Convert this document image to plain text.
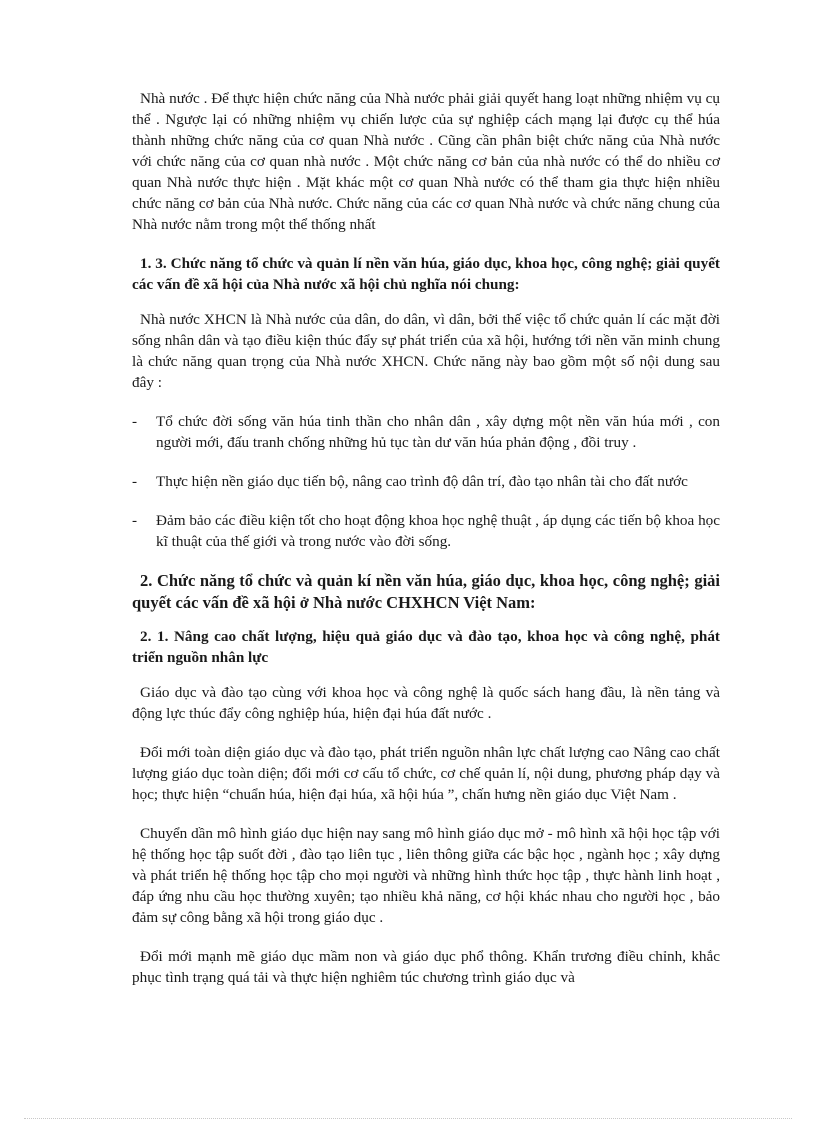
Nhà nước . Để thực hiện chức năng của Nhà nước phải giải quyết hang loạt những nhiệm vụ cụ thể . Ngược lại có những nhiệm vụ chiến lược của sự nghiệp cách mạng lại được cụ thể húa thành những chức năng của cơ quan Nhà nước . Cũng cần phân biệt chức năng của Nhà nước với chức năng của cơ quan nhà nước . Một chức năng cơ bản của nhà nước có thể do nhiều cơ quan Nhà nước thực hiện . Mặt khác một cơ quan Nhà nước có thể tham gia thực hiện nhiều chức năng cơ bản của Nhà nước. Chức năng của các cơ quan Nhà nước và chức năng chung của Nhà nước nằm trong một thể thống nhất

1. 3. Chức năng tổ chức và quản lí nền văn húa, giáo dục, khoa học, công nghệ; giải quyết các vấn đề xã hội của Nhà nước xã hội chủ nghĩa nói chung:

Nhà nước XHCN là Nhà nước của dân, do dân, vì dân, bởi thế việc tổ chức quản lí các mặt đời sống nhân dân và tạo điều kiện thúc đẩy sự phát triển của xã hội, hướng tới nền văn minh chung là chức năng quan trọng của Nhà nước XHCN. Chức năng này bao gồm một số nội dung sau đây :

- Tổ chức đời sống văn húa tinh thần cho nhân dân , xây dựng một nền văn húa mới , con người mới, đấu tranh chống những hủ tục tàn dư văn húa phản động , đồi truy .
- Thực hiện nền giáo dục tiến bộ, nâng cao trình độ dân trí, đào tạo nhân tài cho đất nước
- Đảm bảo các điều kiện tốt cho hoạt động khoa học nghệ thuật , áp dụng các tiến bộ khoa học kĩ thuật của thế giới và trong nước vào đời sống.
2. Chức năng tổ chức và quản kí nền văn húa, giáo dục, khoa học, công nghệ; giải quyết các vấn đề xã hội ở Nhà nước CHXHCN Việt Nam:
2. 1. Nâng cao chất lượng, hiệu quả giáo dục và đào tạo, khoa học và công nghệ, phát triển nguồn nhân lực

Giáo dục và đào tạo cùng với khoa học và công nghệ là quốc sách hang đầu, là nền tảng và động lực thúc đẩy công nghiệp húa, hiện đại húa đất nước .

Đổi mới toàn diện giáo dục và đào tạo, phát triển nguồn nhân lực chất lượng cao Nâng cao chất lượng giáo dục toàn diện; đổi mới cơ cấu tổ chức, cơ chế quản lí, nội dung, phương pháp dạy và học; thực hiện “chuẩn húa, hiện đại húa, xã hội húa ”, chấn hưng nền giáo dục Việt Nam .

Chuyển dần mô hình giáo dục hiện nay sang mô hình giáo dục mở - mô hình xã hội học tập với hệ thống học tập suốt đời , đào tạo liên tục , liên thông giữa các bậc học , ngành học ; xây dựng và phát triển hệ thống học tập cho mọi người và những hình thức học tập , thực hành linh hoạt , đáp ứng nhu cầu học thường xuyên; tạo nhiều khả năng, cơ hội khác nhau cho người học , bảo đảm sự công bằng xã hội trong giáo dục .

Đổi mới mạnh mẽ giáo dục mầm non và giáo dục phổ thông. Khẩn trương điều chỉnh, khắc phục tình trạng quá tải và thực hiện nghiêm túc chương trình giáo dục và
